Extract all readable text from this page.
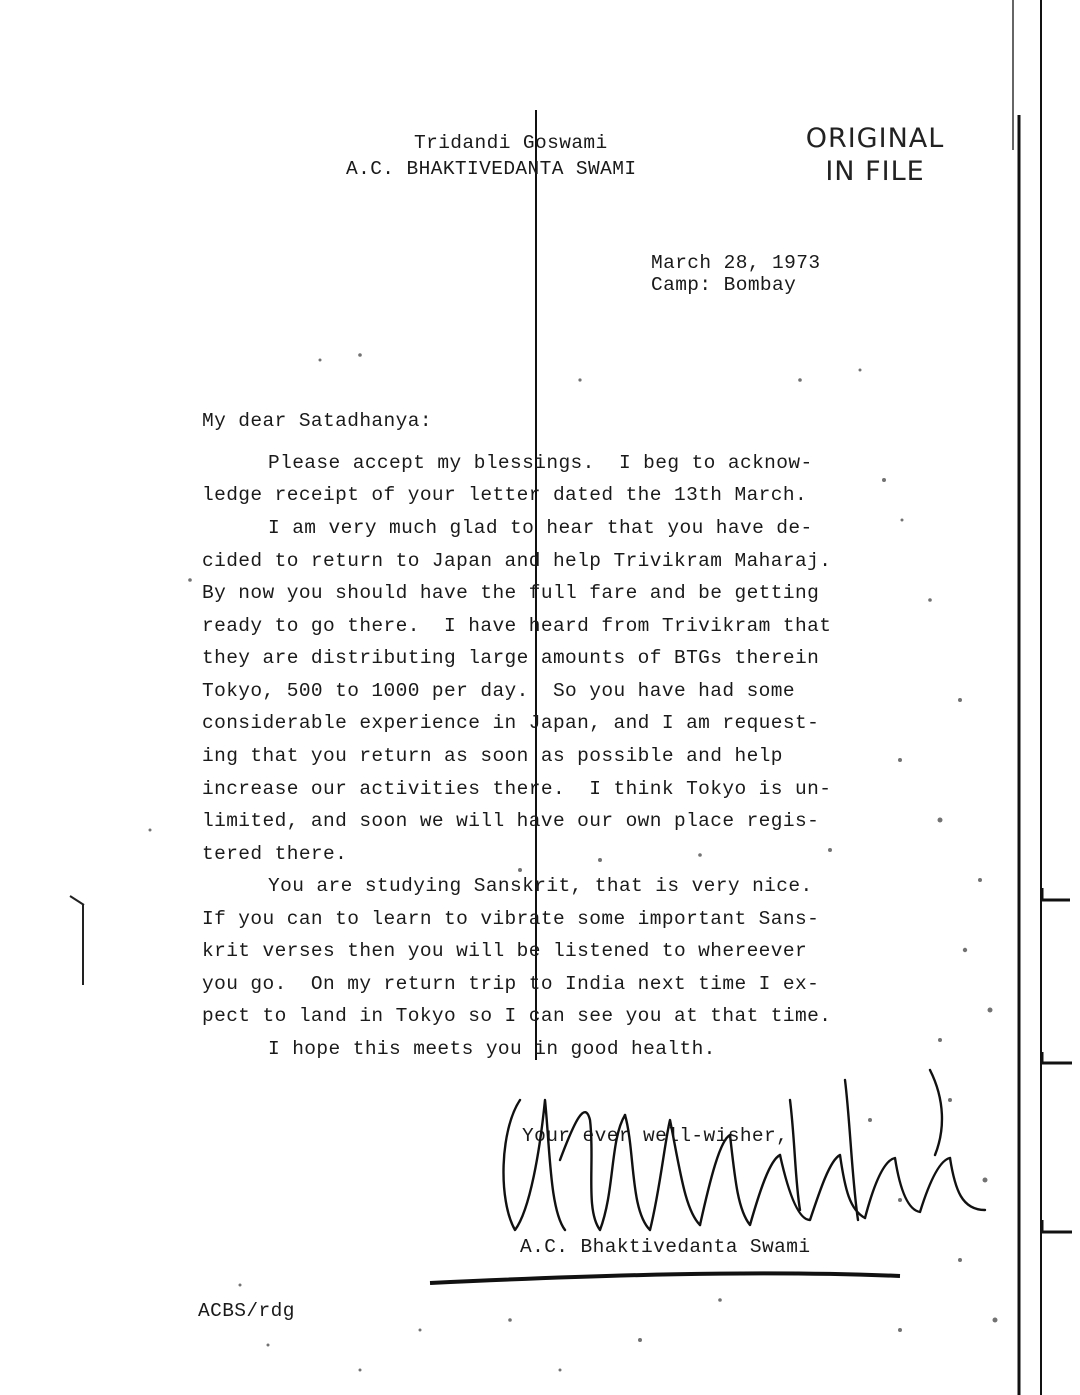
Tridandi Goswami
A.C. BHAKTIVEDANTA SWAMI
ORIGINAL
IN FILE
March 28, 1973
Camp: Bombay
My dear Satadhanya:
Please accept my blessings.  I beg to acknow-
ledge receipt of your letter dated the 13th March.
I am very much glad to hear that you have de-
cided to return to Japan and help Trivikram Maharaj.
By now you should have the full fare and be getting
ready to go there.  I have heard from Trivikram that
they are distributing large amounts of BTGs therein
Tokyo, 500 to 1000 per day.  So you have had some
considerable experience in Japan, and I am request-
ing that you return as soon as possible and help
increase our activities there.  I think Tokyo is un-
limited, and soon we will have our own place regis-
tered there.
You are studying Sanskrit, that is very nice.
If you can to learn to vibrate some important Sans-
krit verses then you will be listened to whereever
you go.  On my return trip to India next time I ex-
pect to land in Tokyo so I can see you at that time.
I hope this meets you in good health.
Your ever well-wisher,
A.C. Bhaktivedanta Swami
ACBS/rdg
